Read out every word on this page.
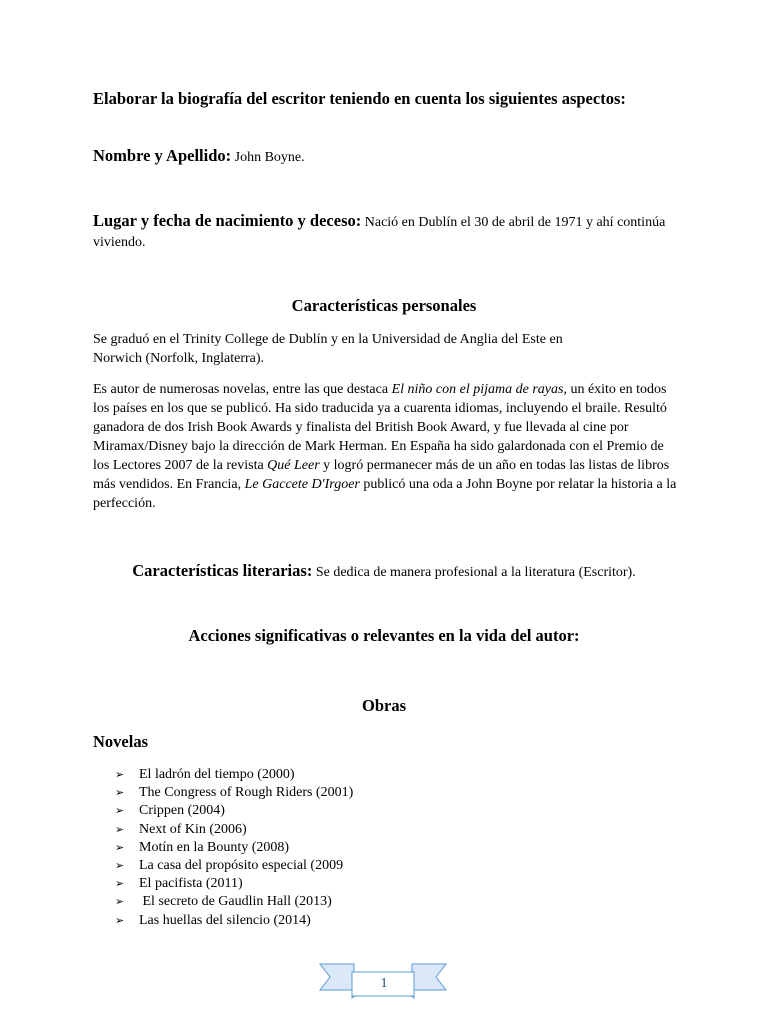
Elaborar la biografía del escritor teniendo en cuenta los siguientes aspectos:
Nombre y Apellido: John Boyne.
Lugar y fecha de nacimiento y deceso: Nació en Dublín el 30 de abril de 1971 y ahí continúa viviendo.
Características personales
Se graduó en el Trinity College de Dublín y en la Universidad de Anglia del Este en Norwich (Norfolk, Inglaterra).
Es autor de numerosas novelas, entre las que destaca El niño con el pijama de rayas, un éxito en todos los países en los que se publicó. Ha sido traducida ya a cuarenta idiomas, incluyendo el braile. Resultó ganadora de dos Irish Book Awards y finalista del British Book Award, y fue llevada al cine por Miramax/Disney bajo la dirección de Mark Herman. En España ha sido galardonada con el Premio de los Lectores 2007 de la revista Qué Leer y logró permanecer más de un año en todas las listas de libros más vendidos. En Francia, Le Gaccete D'Irgoer publicó una oda a John Boyne por relatar la historia a la perfección.
Características literarias: Se dedica de manera profesional a la literatura (Escritor).
Acciones significativas o relevantes en la vida del autor:
Obras
Novelas
➢ El ladrón del tiempo (2000)
➢ The Congress of Rough Riders (2001)
➢ Crippen (2004)
➢ Next of Kin (2006)
➢ Motín en la Bounty (2008)
➢ La casa del propósito especial (2009
➢ El pacifista (2011)
➢ El secreto de Gaudlin Hall (2013)
➢ Las huellas del silencio (2014)
1
